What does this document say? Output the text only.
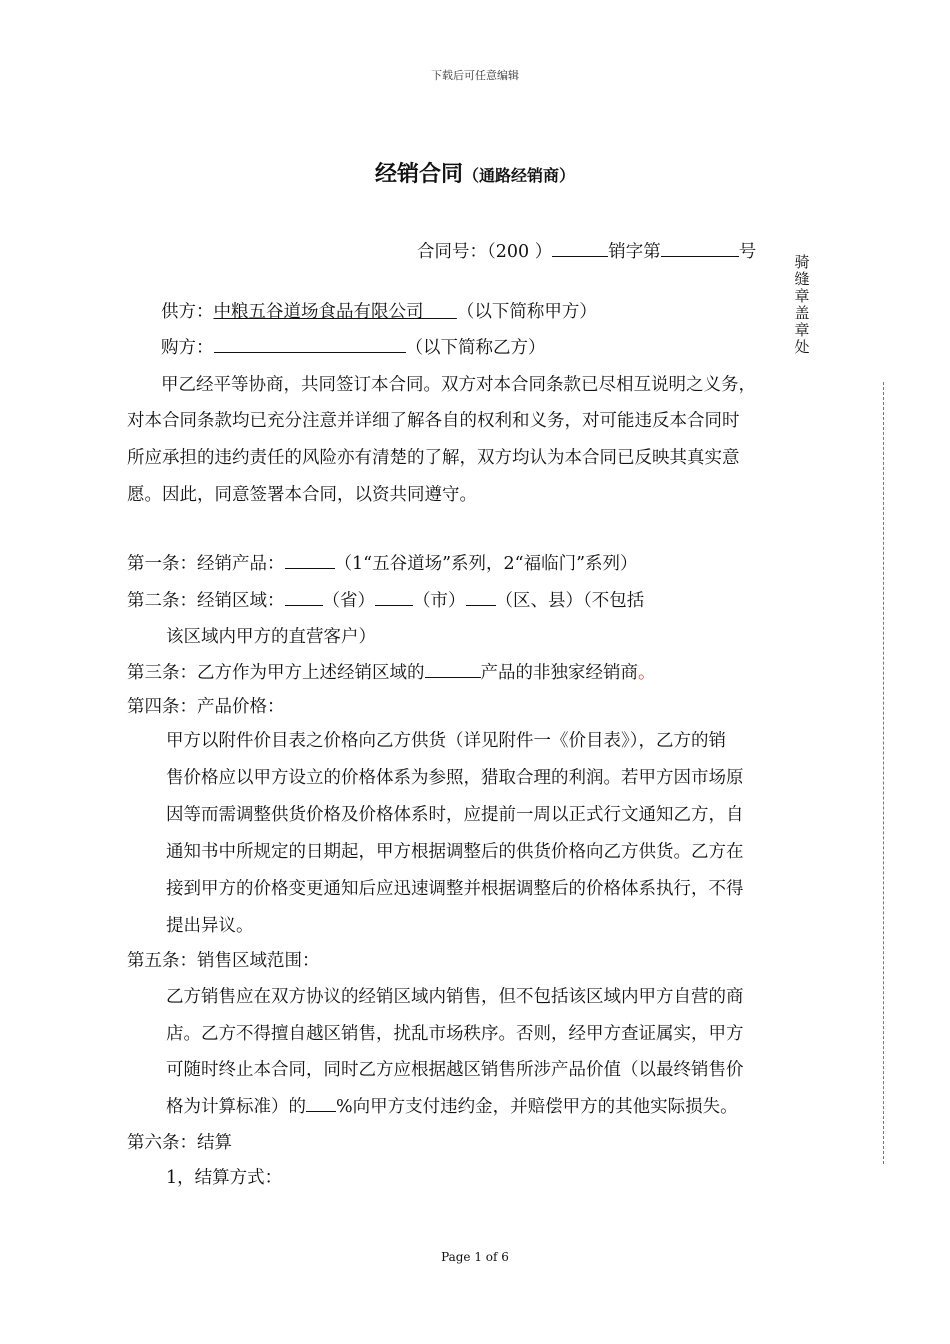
下载后可任意编辑
经销合同（通路经销商）
合同号：（200 ）	销字第	号	骑缝章盖章处
供方：中粮五谷道场食品有限公司 （以下简称甲方）
购方：	（以下简称乙方）
甲乙经平等协商，共同签订本合同。双方对本合同条款已尽相互说明之义务，
对本合同条款均已充分注意并详细了解各自的权利和义务，对可能违反本合同时
所应承担的违约责任的风险亦有清楚的了解，双方均认为本合同已反映其真实意
愿。因此，同意签署本合同，以资共同遵守。
第一条：经销产品：	（1“五谷道场”系列，2“福临门”系列）
第二条：经销区域： （省） （市） （区、县）（不包括
该区域内甲方的直营客户）
第三条：乙方作为甲方上述经销区域的	产品的非独家经销商。
第四条：产品价格：
甲方以附件价目表之价格向乙方供货（详见附件一《价目表》），乙方的销
售价格应以甲方设立的价格体系为参照，猎取合理的利润。若甲方因市场原
因等而需调整供货价格及价格体系时，应提前一周以正式行文通知乙方，自
通知书中所规定的日期起，甲方根据调整后的供货价格向乙方供货。乙方在
接到甲方的价格变更通知后应迅速调整并根据调整后的价格体系执行，不得
提出异议。
第五条：销售区域范围：
乙方销售应在双方协议的经销区域内销售，但不包括该区域内甲方自营的商
店。乙方不得擅自越区销售，扰乱市场秩序。否则，经甲方查证属实，甲方
可随时终止本合同，同时乙方应根据越区销售所涉产品价值（以最终销售价
格为计算标准）的 %向甲方支付违约金，并赔偿甲方的其他实际损失。
第六条：结算
1，结算方式：
Page 1 of 6
